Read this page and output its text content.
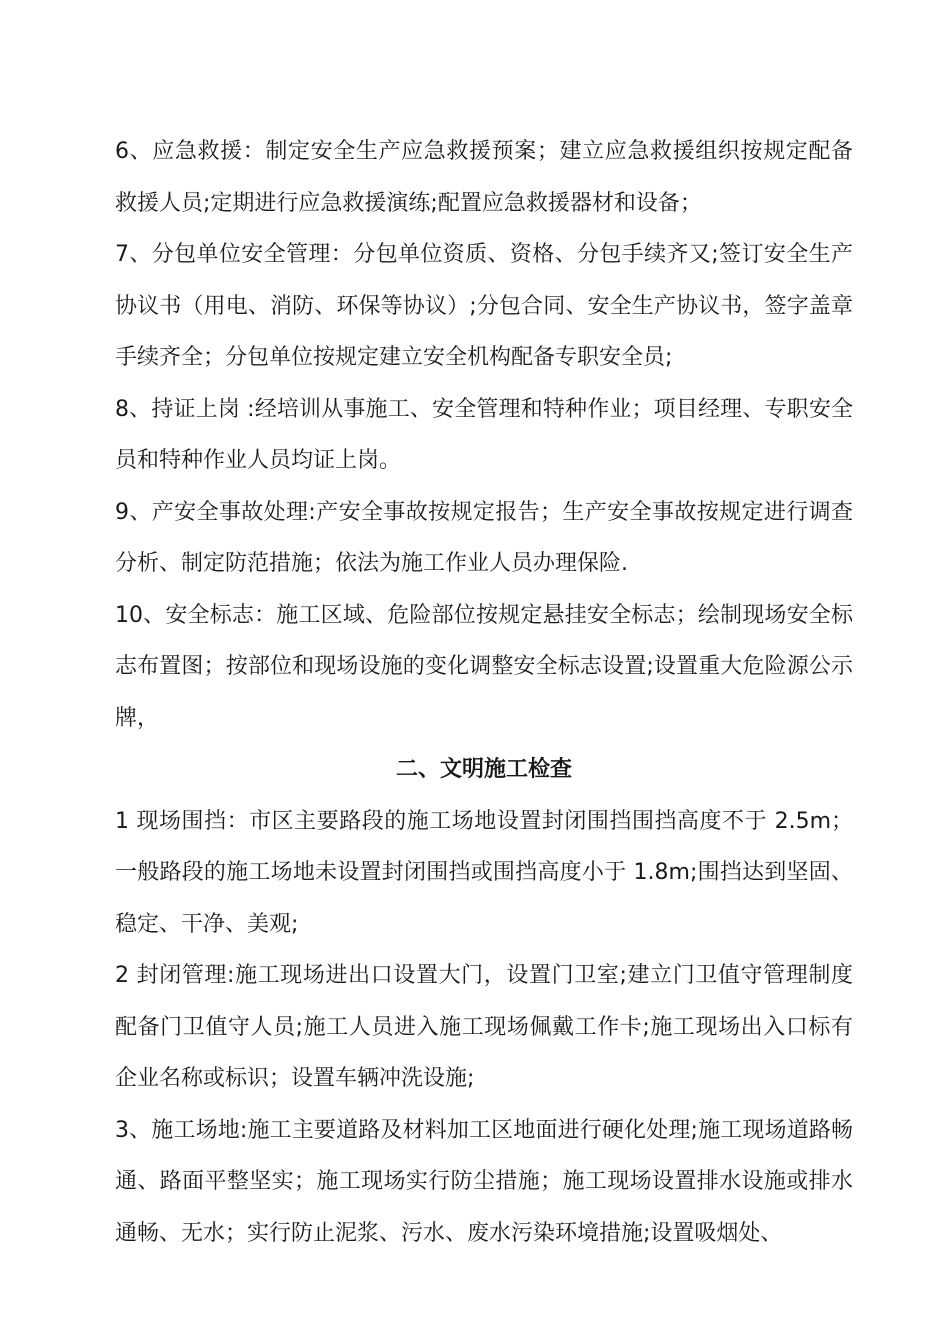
6、应急救援：制定安全生产应急救援预案；建立应急救援组织按规定配备救援人员;定期进行应急救援演练;配置应急救援器材和设备；

7、分包单位安全管理：分包单位资质、资格、分包手续齐又;签订安全生产协议书（用电、消防、环保等协议）;分包合同、安全生产协议书，签字盖章手续齐全；分包单位按规定建立安全机构配备专职安全员;

8、持证上岗 :经培训从事施工、安全管理和特种作业；项目经理、专职安全员和特种作业人员均证上岗。

9、产安全事故处理:产安全事故按规定报告；生产安全事故按规定进行调查分析、制定防范措施；依法为施工作业人员办理保险.

10、安全标志：施工区域、危险部位按规定悬挂安全标志；绘制现场安全标志布置图；按部位和现场设施的变化调整安全标志设置;设置重大危险源公示牌，

二、文明施工检查

1 现场围挡：市区主要路段的施工场地设置封闭围挡围挡高度不于 2.5m；一般路段的施工场地未设置封闭围挡或围挡高度小于 1.8m;围挡达到坚固、稳定、干净、美观;

2 封闭管理:施工现场进出口设置大门，设置门卫室;建立门卫值守管理制度配备门卫值守人员;施工人员进入施工现场佩戴工作卡;施工现场出入口标有企业名称或标识；设置车辆冲洗设施;

3、施工场地:施工主要道路及材料加工区地面进行硬化处理;施工现场道路畅通、路面平整坚实；施工现场实行防尘措施；施工现场设置排水设施或排水通畅、无水；实行防止泥浆、污水、废水污染环境措施;设置吸烟处、
